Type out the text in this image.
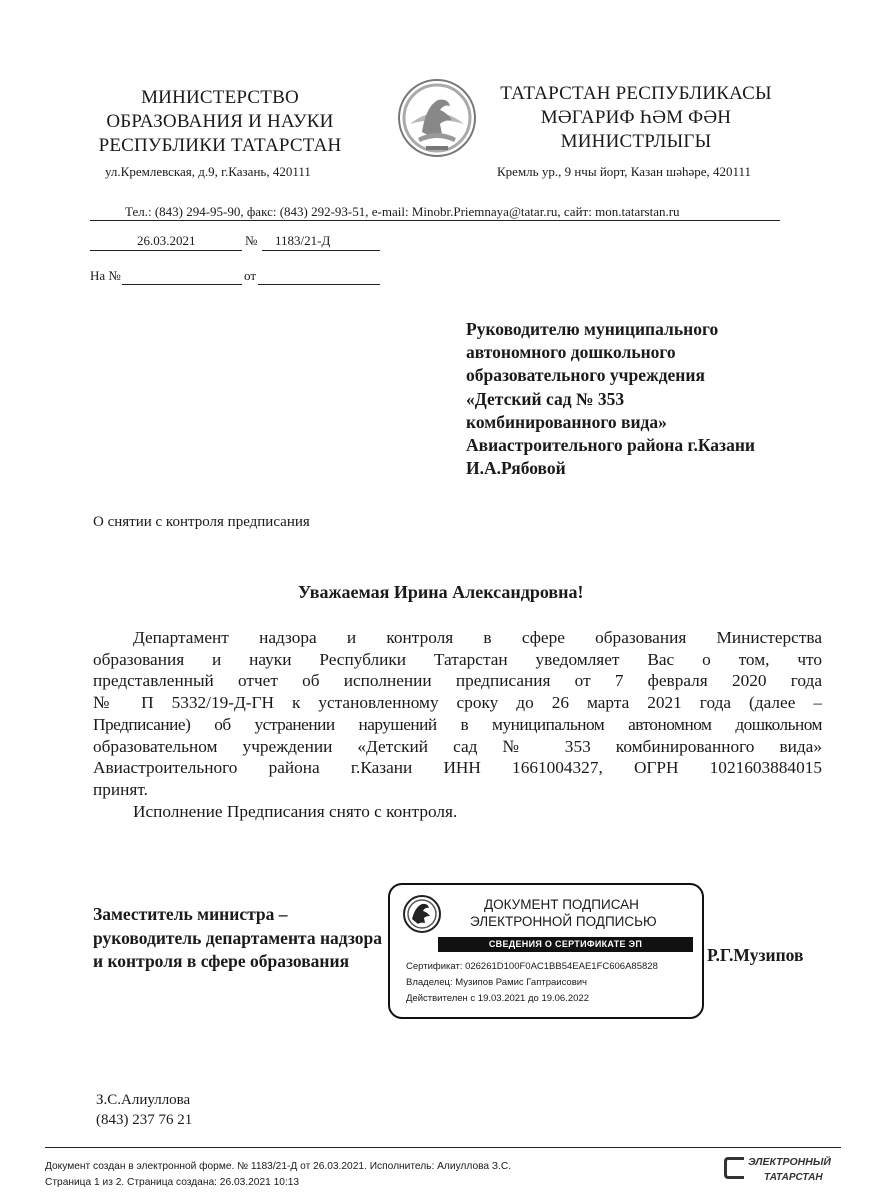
МИНИСТЕРСТВО
ОБРАЗОВАНИЯ И НАУКИ
РЕСПУБЛИКИ ТАТАРСТАН
ул.Кремлевская, д.9, г.Казань, 420111
ТАТАРСТАН РЕСПУБЛИКАСЫ
МӘГАРИФ ҺӘМ ФӘН
МИНИСТРЛЫГЫ
Кремль ур., 9 нчы йорт, Казан шәһәре, 420111
Тел.: (843) 294-95-90, факс: (843) 292-93-51, e-mail: Minobr.Priemnaya@tatar.ru, сайт: mon.tatarstan.ru
26.03.2021	№ 1183/21-Д
На №	от
Руководителю муниципального
автономного дошкольного
образовательного учреждения
«Детский сад № 353
комбинированного вида»
Авиастроительного района г.Казани
И.А.Рябовой
О снятии с контроля предписания
Уважаемая Ирина Александровна!
Департамент надзора и контроля в сфере образования Министерства
образования и науки Республики Татарстан уведомляет Вас о том, что
представленный отчет об исполнении предписания от 7 февраля 2020 года
№ П 5332/19-Д-ГН к установленному сроку до 26 марта 2021 года (далее –
Предписание) об устранении нарушений в муниципальном автономном дошкольном
образовательном учреждении «Детский сад № 353 комбинированного вида»
Авиастроительного района г.Казани ИНН 1661004327, ОГРН 1021603884015
принят.
Исполнение Предписания снято с контроля.
Заместитель министра –
руководитель департамента надзора
и контроля в сфере образования	Р.Г.Музипов
ДОКУМЕНТ ПОДПИСАН
ЭЛЕКТРОННОЙ ПОДПИСЬЮ
СВЕДЕНИЯ О СЕРТИФИКАТЕ ЭП
Сертификат: 026261D100F0AC1BB54EAE1FC606A85828
Владелец: Музипов Рамис Гаптраисович
Действителен с 19.03.2021 до 19.06.2022
З.С.Алиуллова
(843) 237 76 21
Документ создан в электронной форме. № 1183/21-Д от 26.03.2021. Исполнитель: Алиуллова З.С.
Страница 1 из 2. Страница создана: 26.03.2021 10:13
ЭЛЕКТРОННЫЙ
ТАТАРСТАН
